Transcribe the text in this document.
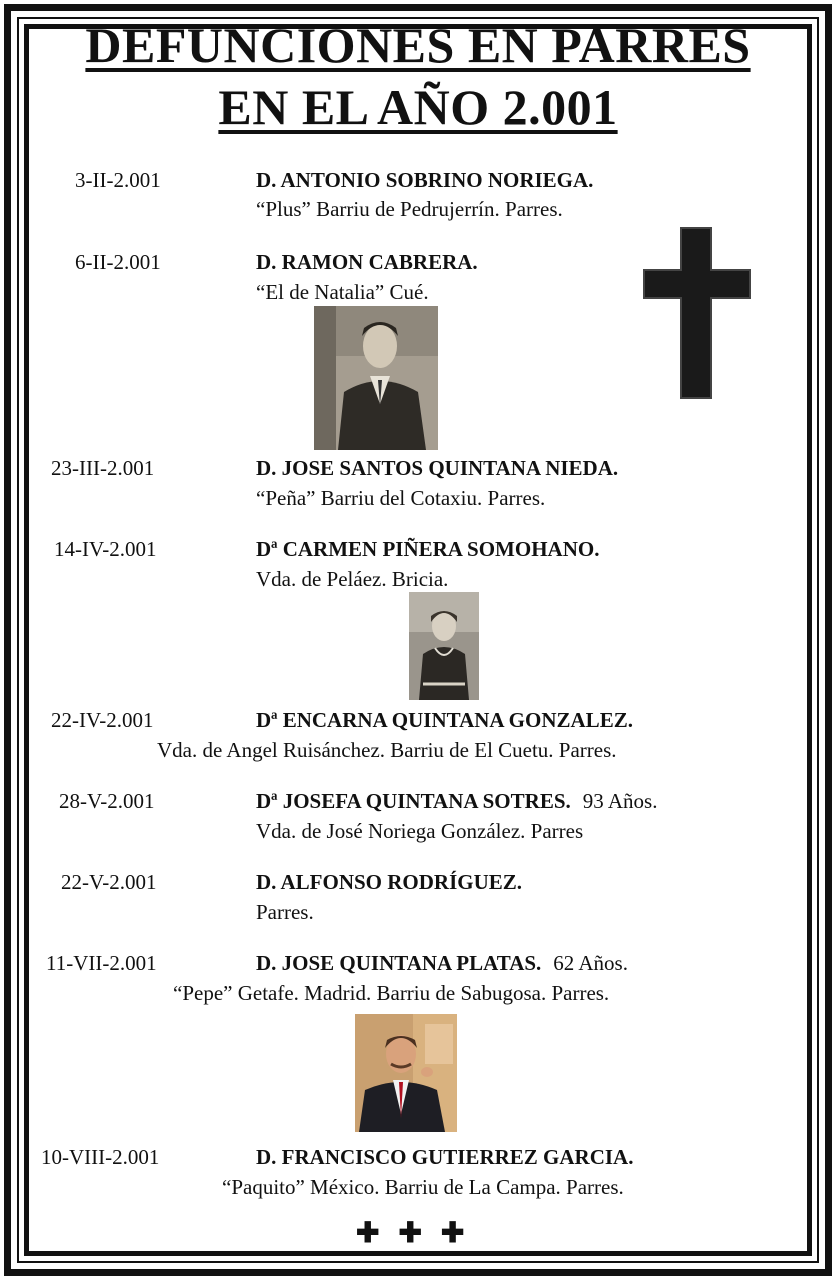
DEFUNCIONES EN PARRES
EN EL AÑO 2.001
3-II-2.001	D. ANTONIO SOBRINO NORIEGA.
“Plus” Barriu de Pedrujerrín. Parres.
6-II-2.001	D. RAMON CABRERA.
“El de Natalia” Cué.
23-III-2.001	D. JOSE SANTOS QUINTANA NIEDA.
“Peña” Barriu del Cotaxiu. Parres.
14-IV-2.001	Dª CARMEN PIÑERA SOMOHANO.
Vda. de Peláez. Bricia.
22-IV-2.001	Dª ENCARNA QUINTANA GONZALEZ.
Vda. de Angel Ruisánchez. Barriu de El Cuetu. Parres.
28-V-2.001	Dª JOSEFA QUINTANA SOTRES. 93 Años.
Vda. de José Noriega González. Parres
22-V-2.001	D. ALFONSO RODRÍGUEZ.
Parres.
11-VII-2.001	D. JOSE QUINTANA PLATAS. 62 Años.
“Pepe” Getafe. Madrid. Barriu de Sabugosa. Parres.
10-VIII-2.001	D. FRANCISCO GUTIERREZ GARCIA.
“Paquito” México. Barriu de La Campa. Parres.
✚ ✚ ✚
